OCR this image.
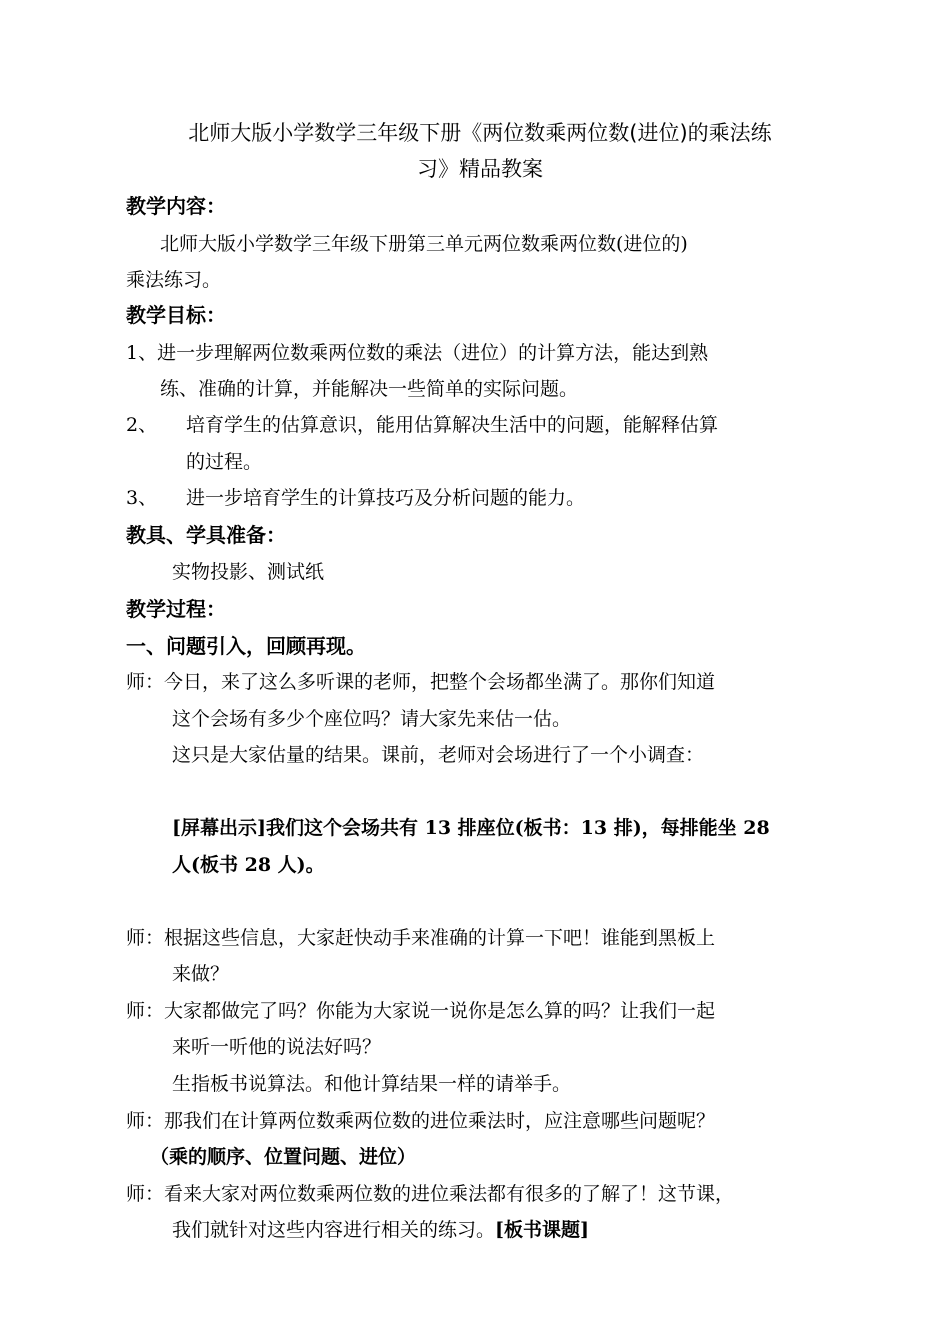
北师大版小学数学三年级下册《两位数乘两位数(进位)的乘法练
习》精品教案
教学内容：
北师大版小学数学三年级下册第三单元两位数乘两位数(进位的)
乘法练习。
教学目标：
1、进一步理解两位数乘两位数的乘法（进位）的计算方法，能达到熟
练、准确的计算，并能解决一些简单的实际问题。
2、 培育学生的估算意识，能用估算解决生活中的问题，能解释估算
的过程。
3、 进一步培育学生的计算技巧及分析问题的能力。
教具、学具准备：
实物投影、测试纸
教学过程：
一、问题引入，回顾再现。
师：今日，来了这么多听课的老师，把整个会场都坐满了。那你们知道
这个会场有多少个座位吗？请大家先来估一估。
这只是大家估量的结果。课前，老师对会场进行了一个小调查：
[屏幕出示]我们这个会场共有 13 排座位(板书：13 排)，每排能坐 28
人(板书 28 人)。
师：根据这些信息，大家赶快动手来准确的计算一下吧！谁能到黑板上
来做？
师：大家都做完了吗？你能为大家说一说你是怎么算的吗？让我们一起
来听一听他的说法好吗？
生指板书说算法。和他计算结果一样的请举手。
师：那我们在计算两位数乘两位数的进位乘法时，应注意哪些问题呢？
（乘的顺序、位置问题、进位）
师：看来大家对两位数乘两位数的进位乘法都有很多的了解了！这节课，
我们就针对这些内容进行相关的练习。[板书课题]
